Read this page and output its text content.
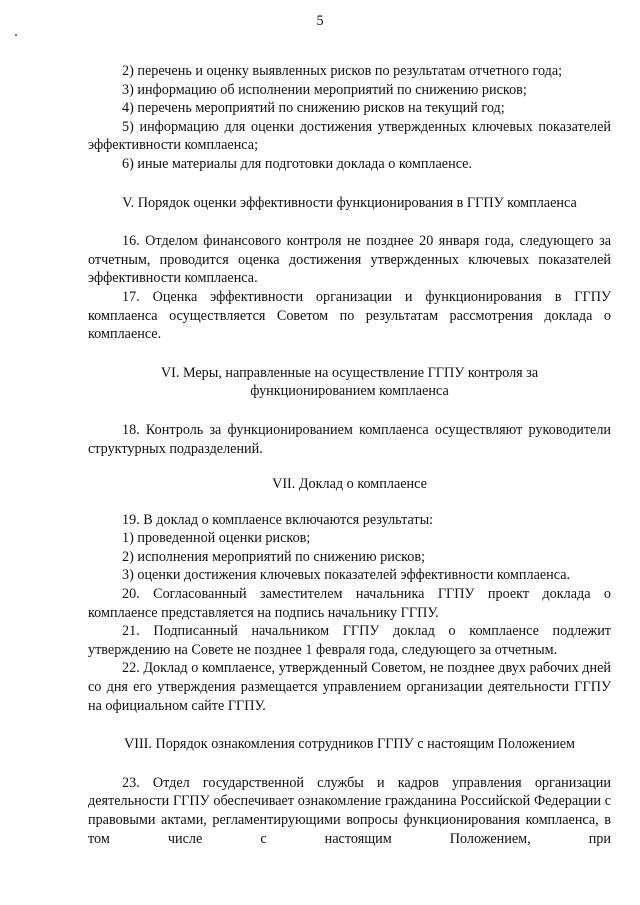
5

2) перечень и оценку выявленных рисков по результатам отчетного года;

3) информацию об исполнении мероприятий по снижению рисков;

4) перечень мероприятий по снижению рисков на текущий год;

5) информацию для оценки достижения утвержденных ключевых показателей эффективности комплаенса;

6) иные материалы для подготовки доклада о комплаенсе.

V. Порядок оценки эффективности функционирования в ГГПУ комплаенса

16. Отделом финансового контроля не позднее 20 января года, следующего за отчетным, проводится оценка достижения утвержденных ключевых показателей эффективности комплаенса.

17. Оценка эффективности организации и функционирования в ГГПУ комплаенса осуществляется Советом по результатам рассмотрения доклада о комплаенсе.

VI. Меры, направленные на осуществление ГГПУ контроля за функционированием комплаенса

18. Контроль за функционированием комплаенса осуществляют руководители структурных подразделений.

VII. Доклад о комплаенсе

19. В доклад о комплаенсе включаются результаты:

1) проведенной оценки рисков;

2) исполнения мероприятий по снижению рисков;

3) оценки достижения ключевых показателей эффективности комплаенса.

20. Согласованный заместителем начальника ГГПУ проект доклада о комплаенсе представляется на подпись начальнику ГГПУ.

21. Подписанный начальником ГГПУ доклад о комплаенсе подлежит утверждению на Совете не позднее 1 февраля года, следующего за отчетным.

22. Доклад о комплаенсе, утвержденный Советом, не позднее двух рабочих дней со дня его утверждения размещается управлением организации деятельности ГГПУ на официальном сайте ГГПУ.

VIII. Порядок ознакомления сотрудников ГГПУ с настоящим Положением

23. Отдел государственной службы и кадров управления организации деятельности ГГПУ обеспечивает ознакомление гражданина Российской Федерации с правовыми актами, регламентирующими вопросы функционирования комплаенса, в том числе с настоящим Положением, при
